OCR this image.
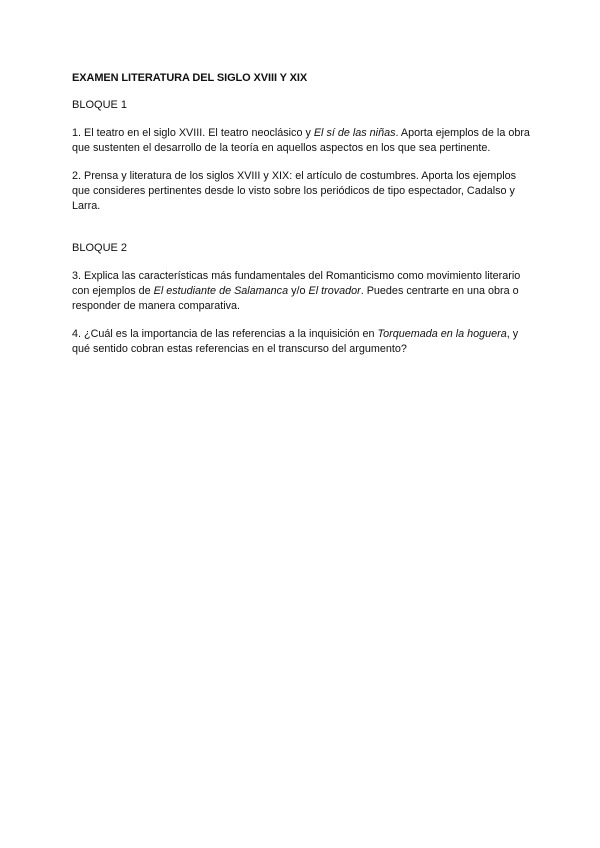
EXAMEN LITERATURA DEL SIGLO XVIII Y XIX
BLOQUE 1

1. El teatro en el siglo XVIII. El teatro neoclásico y El sí de las niñas. Aporta ejemplos de la obra que sustenten el desarrollo de la teoría en aquellos aspectos en los que sea pertinente.

2. Prensa y literatura de los siglos XVIII y XIX: el artículo de costumbres. Aporta los ejemplos que consideres pertinentes desde lo visto sobre los periódicos de tipo espectador, Cadalso y Larra.

BLOQUE 2

3. Explica las características más fundamentales del Romanticismo como movimiento literario con ejemplos de El estudiante de Salamanca y/o El trovador. Puedes centrarte en una obra o responder de manera comparativa.

4. ¿Cuál es la importancia de las referencias a la inquisición en Torquemada en la hoguera, y qué sentido cobran estas referencias en el transcurso del argumento?
